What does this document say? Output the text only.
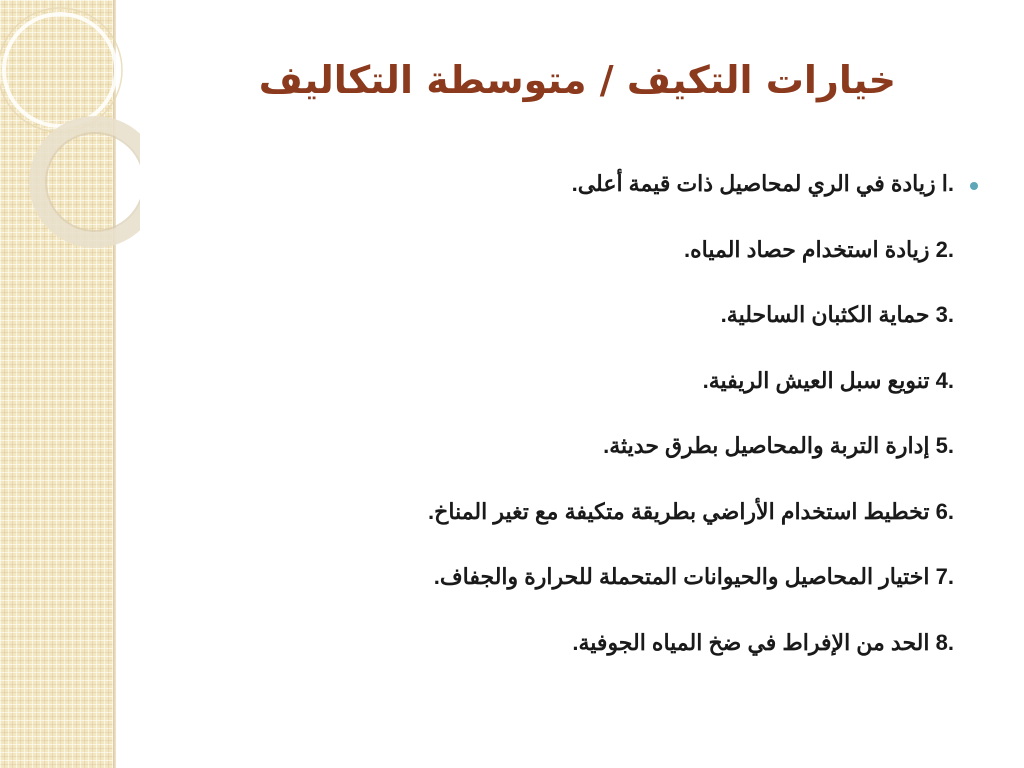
خيارات التكيف / متوسطة التكاليف
.ا زيادة في الري لمحاصيل ذات قيمة أعلى.
.2 زيادة استخدام حصاد المياه.
.3 حماية الكثبان الساحلية.
.4 تنويع سبل العيش الريفية.
.5 إدارة التربة والمحاصيل بطرق حديثة.
.6 تخطيط استخدام الأراضي بطريقة متكيفة مع تغير المناخ.
.7 اختيار المحاصيل والحيوانات المتحملة للحرارة والجفاف.
.8 الحد من الإفراط في ضخ المياه الجوفية.
